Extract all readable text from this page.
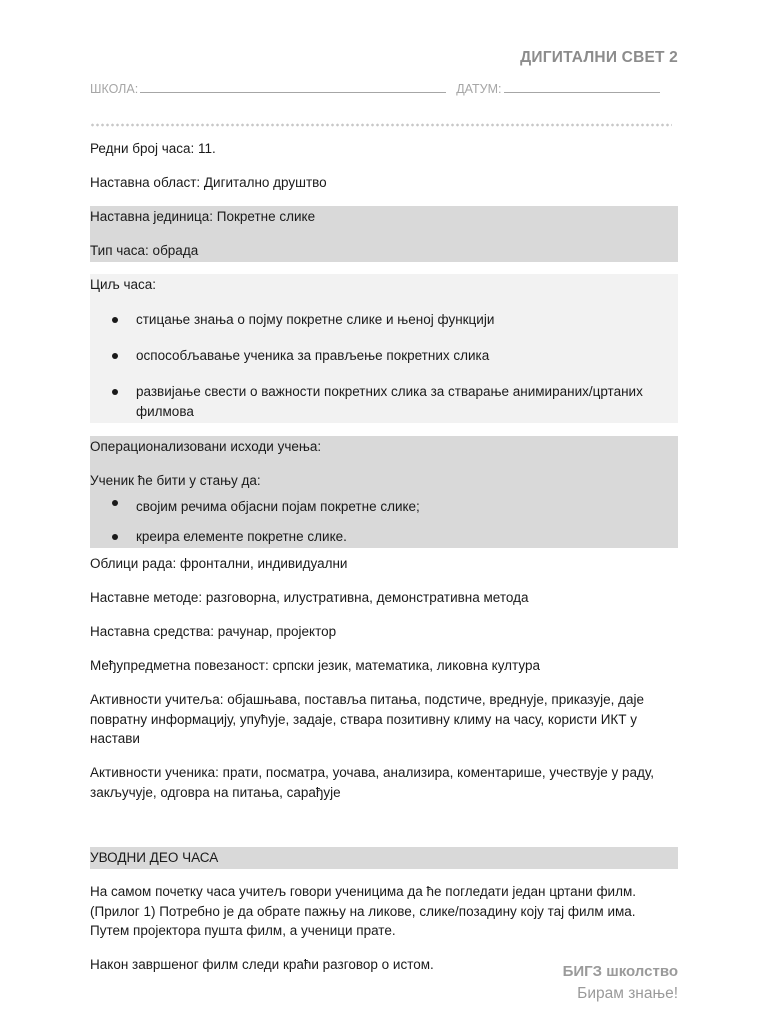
ДИГИТАЛНИ СВЕТ 2
ШКОЛА:	ДАТУМ:

Редни број часа: 11.

Наставна област: Дигитално друштво

Наставна јединица: Покретне слике

Тип часа: обрада

Циљ часа:

стицање знања о појму покретне слике и њеној функцији
оспособљавање ученика за прављење покретних слика
развијање свести о важности покретних слика за стварање анимираних/цртаних филмова

Операционализовани исходи учења:

Ученик ће бити у стању да:

својим речима објасни појам покретне слике;
креира елементе покретне слике.

Облици рада: фронтални, индивидуални

Наставне методе: разговорна, илустративна, демонстративна метода

Наставна средства: рачунар, пројектор

Међупредметна повезаност: српски језик, математика, ликовна култура

Активности учитеља: објашњава, поставља питања, подстиче, вреднује, приказује, даје повратну информацију, упућује, задаје, ствара позитивну климу на часу, користи ИКТ у настави

Активности ученика: прати, посматра, уочава, анализира, коментарише, учествује у раду, закључује, одговра на питања, сарађује

УВОДНИ ДЕО ЧАСА

На самом почетку часа учитељ говори ученицима да ће погледати један цртани филм. (Прилог 1) Потребно је да обрате пажњу на ликове, слике/позадину коју тај филм има. Путем пројектора пушта филм, а ученици прате.

Након завршеног филм следи краћи разговор о истом.	БИГЗ школство
Бирам знање!
